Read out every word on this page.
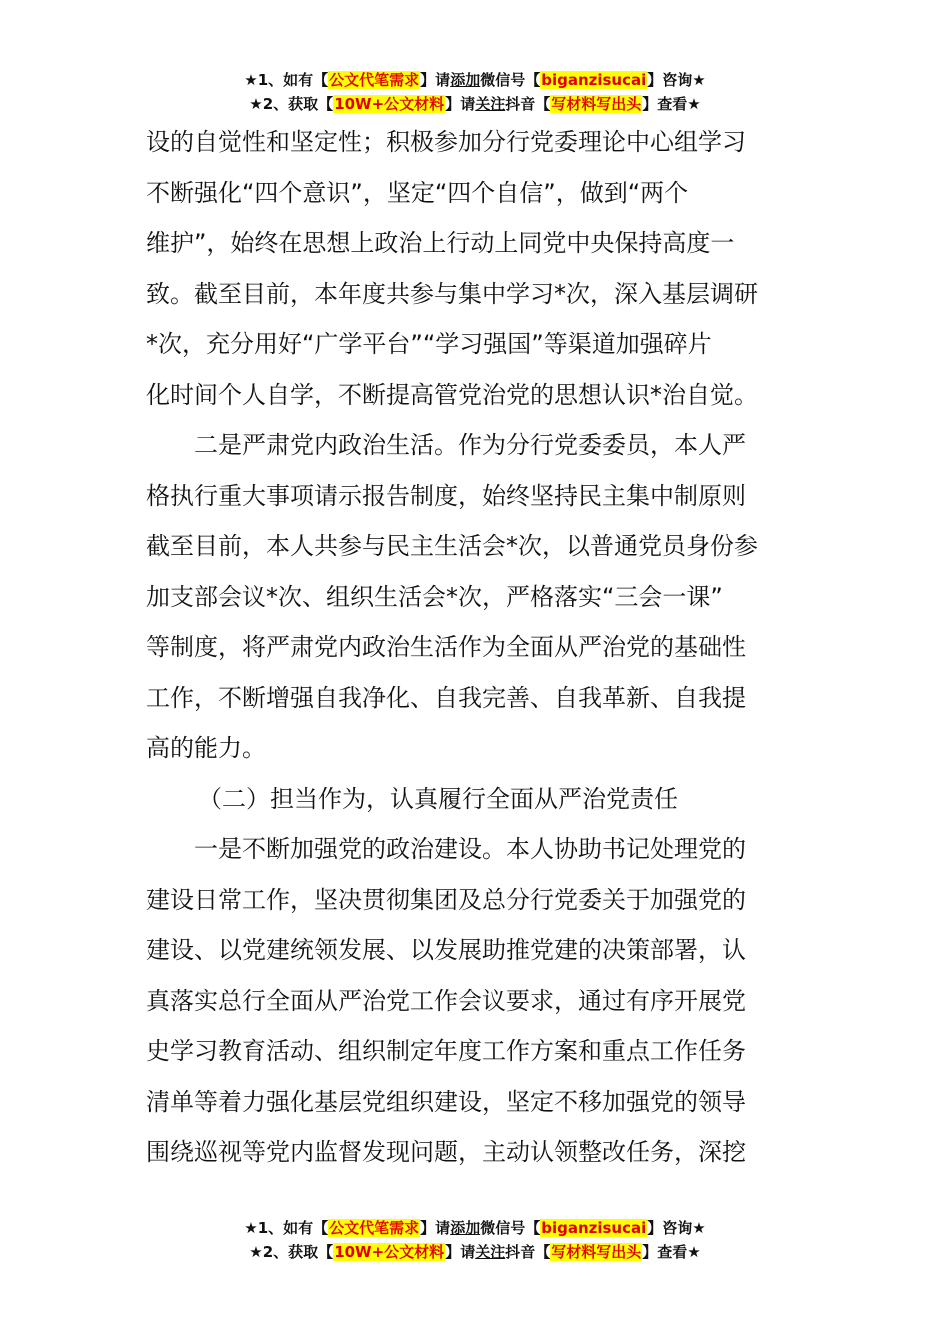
★1、如有【公文代笔需求】请添加微信号【biganzisucai】咨询★
★2、获取【10W+公文材料】请关注抖音【写材料写出头】查看★
设的自觉性和坚定性；积极参加分行党委理论中心组学习
不断强化“四个意识”，坚定“四个自信”，做到“两个
维护”，始终在思想上政治上行动上同党中央保持高度一
致。截至目前，本年度共参与集中学习*次，深入基层调研
*次，充分用好“广学平台”“学习强国”等渠道加强碎片
化时间个人自学，不断提高管党治党的思想认识*治自觉。
二是严肃党内政治生活。作为分行党委委员，本人严
格执行重大事项请示报告制度，始终坚持民主集中制原则
截至目前，本人共参与民主生活会*次，以普通党员身份参
加支部会议*次、组织生活会*次，严格落实“三会一课”
等制度，将严肃党内政治生活作为全面从严治党的基础性
工作，不断增强自我净化、自我完善、自我革新、自我提
高的能力。
（二）担当作为，认真履行全面从严治党责任
一是不断加强党的政治建设。本人协助书记处理党的
建设日常工作，坚决贯彻集团及总分行党委关于加强党的
建设、以党建统领发展、以发展助推党建的决策部署，认
真落实总行全面从严治党工作会议要求，通过有序开展党
史学习教育活动、组织制定年度工作方案和重点工作任务
清单等着力强化基层党组织建设，坚定不移加强党的领导
围绕巡视等党内监督发现问题，主动认领整改任务，深挖
★1、如有【公文代笔需求】请添加微信号【biganzisucai】咨询★
★2、获取【10W+公文材料】请关注抖音【写材料写出头】查看★
